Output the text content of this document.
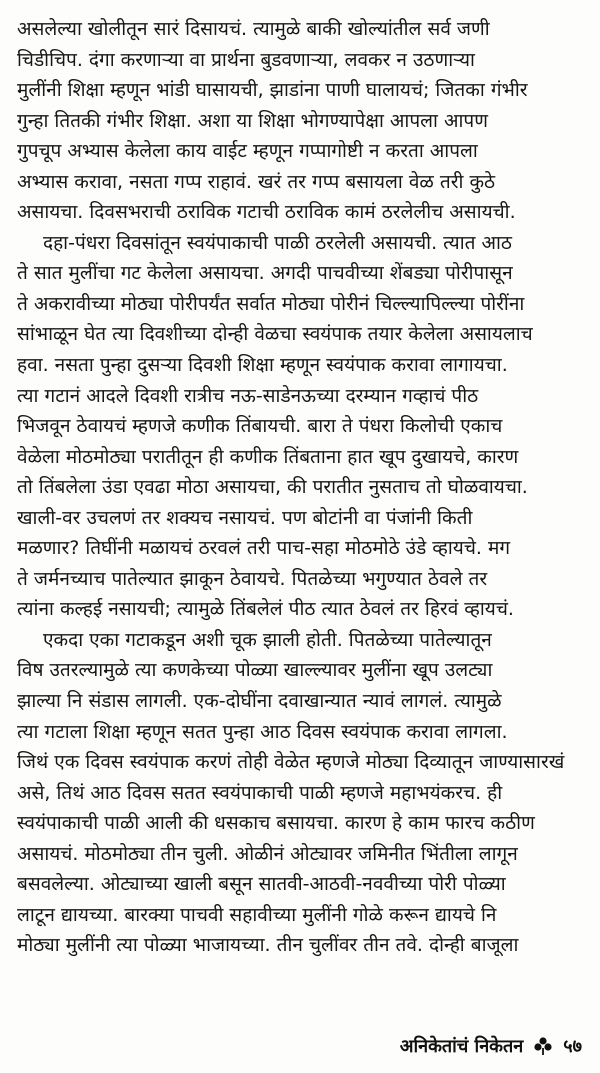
असलेल्या खोलीतून सारं दिसायचं. त्यामुळे बाकी खोल्यांतील सर्व जणी
चिडीचिप. दंगा करणाऱ्या वा प्रार्थना बुडवणाऱ्या, लवकर न उठणाऱ्या
मुलींनी शिक्षा म्हणून भांडी घासायची, झाडांना पाणी घालायचं; जितका गंभीर
गुन्हा तितकी गंभीर शिक्षा. अशा या शिक्षा भोगण्यापेक्षा आपला आपण
गुपचूप अभ्यास केलेला काय वाईट म्हणून गप्पागोष्टी न करता आपला
अभ्यास करावा, नसता गप्प राहावं. खरं तर गप्प बसायला वेळ तरी कुठे
असायचा. दिवसभराची ठराविक गटाची ठराविक कामं ठरलेलीच असायची.

दहा-पंधरा दिवसांतून स्वयंपाकाची पाळी ठरलेली असायची. त्यात आठ
ते सात मुलींचा गट केलेला असायचा. अगदी पाचवीच्या शेंबड्या पोरीपासून
ते अकरावीच्या मोठ्या पोरीपर्यंत सर्वात मोठ्या पोरीनं चिल्ल्यापिल्ल्या पोरींना
सांभाळून घेत त्या दिवशीच्या दोन्ही वेळचा स्वयंपाक तयार केलेला असायलाच
हवा. नसता पुन्हा दुसऱ्या दिवशी शिक्षा म्हणून स्वयंपाक करावा लागायचा.
त्या गटानं आदले दिवशी रात्रीच नऊ-साडेनऊच्या दरम्यान गव्हाचं पीठ
भिजवून ठेवायचं म्हणजे कणीक तिंबायची. बारा ते पंधरा किलोची एकाच
वेळेला मोठमोठ्या परातीतून ही कणीक तिंबताना हात खूप दुखायचे, कारण
तो तिंबलेला उंडा एवढा मोठा असायचा, की परातीत नुसताच तो घोळवायचा.
खाली-वर उचलणं तर शक्यच नसायचं. पण बोटांनी वा पंजांनी किती
मळणार? तिघींनी मळायचं ठरवलं तरी पाच-सहा मोठमोठे उंडे व्हायचे. मग
ते जर्मनच्याच पातेल्यात झाकून ठेवायचे. पितळेच्या भगुण्यात ठेवले तर
त्यांना कल्हई नसायची; त्यामुळे तिंबलेलं पीठ त्यात ठेवलं तर हिरवं व्हायचं.

एकदा एका गटाकडून अशी चूक झाली होती. पितळेच्या पातेल्यातून
विष उतरल्यामुळे त्या कणकेच्या पोळ्या खाल्ल्यावर मुलींना खूप उलट्या
झाल्या नि संडास लागली. एक-दोघींना दवाखान्यात न्यावं लागलं. त्यामुळे
त्या गटाला शिक्षा म्हणून सतत पुन्हा आठ दिवस स्वयंपाक करावा लागला.
जिथं एक दिवस स्वयंपाक करणं तोही वेळेत म्हणजे मोठ्या दिव्यातून जाण्यासारखं
असे, तिथं आठ दिवस सतत स्वयंपाकाची पाळी म्हणजे महाभयंकरच. ही
स्वयंपाकाची पाळी आली की धसकाच बसायचा. कारण हे काम फारच कठीण
असायचं. मोठमोठ्या तीन चुली. ओळीनं ओट्यावर जमिनीत भिंतीला लागून
बसवलेल्या. ओट्याच्या खाली बसून सातवी-आठवी-नववीच्या पोरी पोळ्या
लाटून द्यायच्या. बारक्या पाचवी सहावीच्या मुलींनी गोळे करून द्यायचे नि
मोठ्या मुलींनी त्या पोळ्या भाजायच्या. तीन चुलींवर तीन तवे. दोन्ही बाजूला

अनिकेतांचं निकेतन ५७
